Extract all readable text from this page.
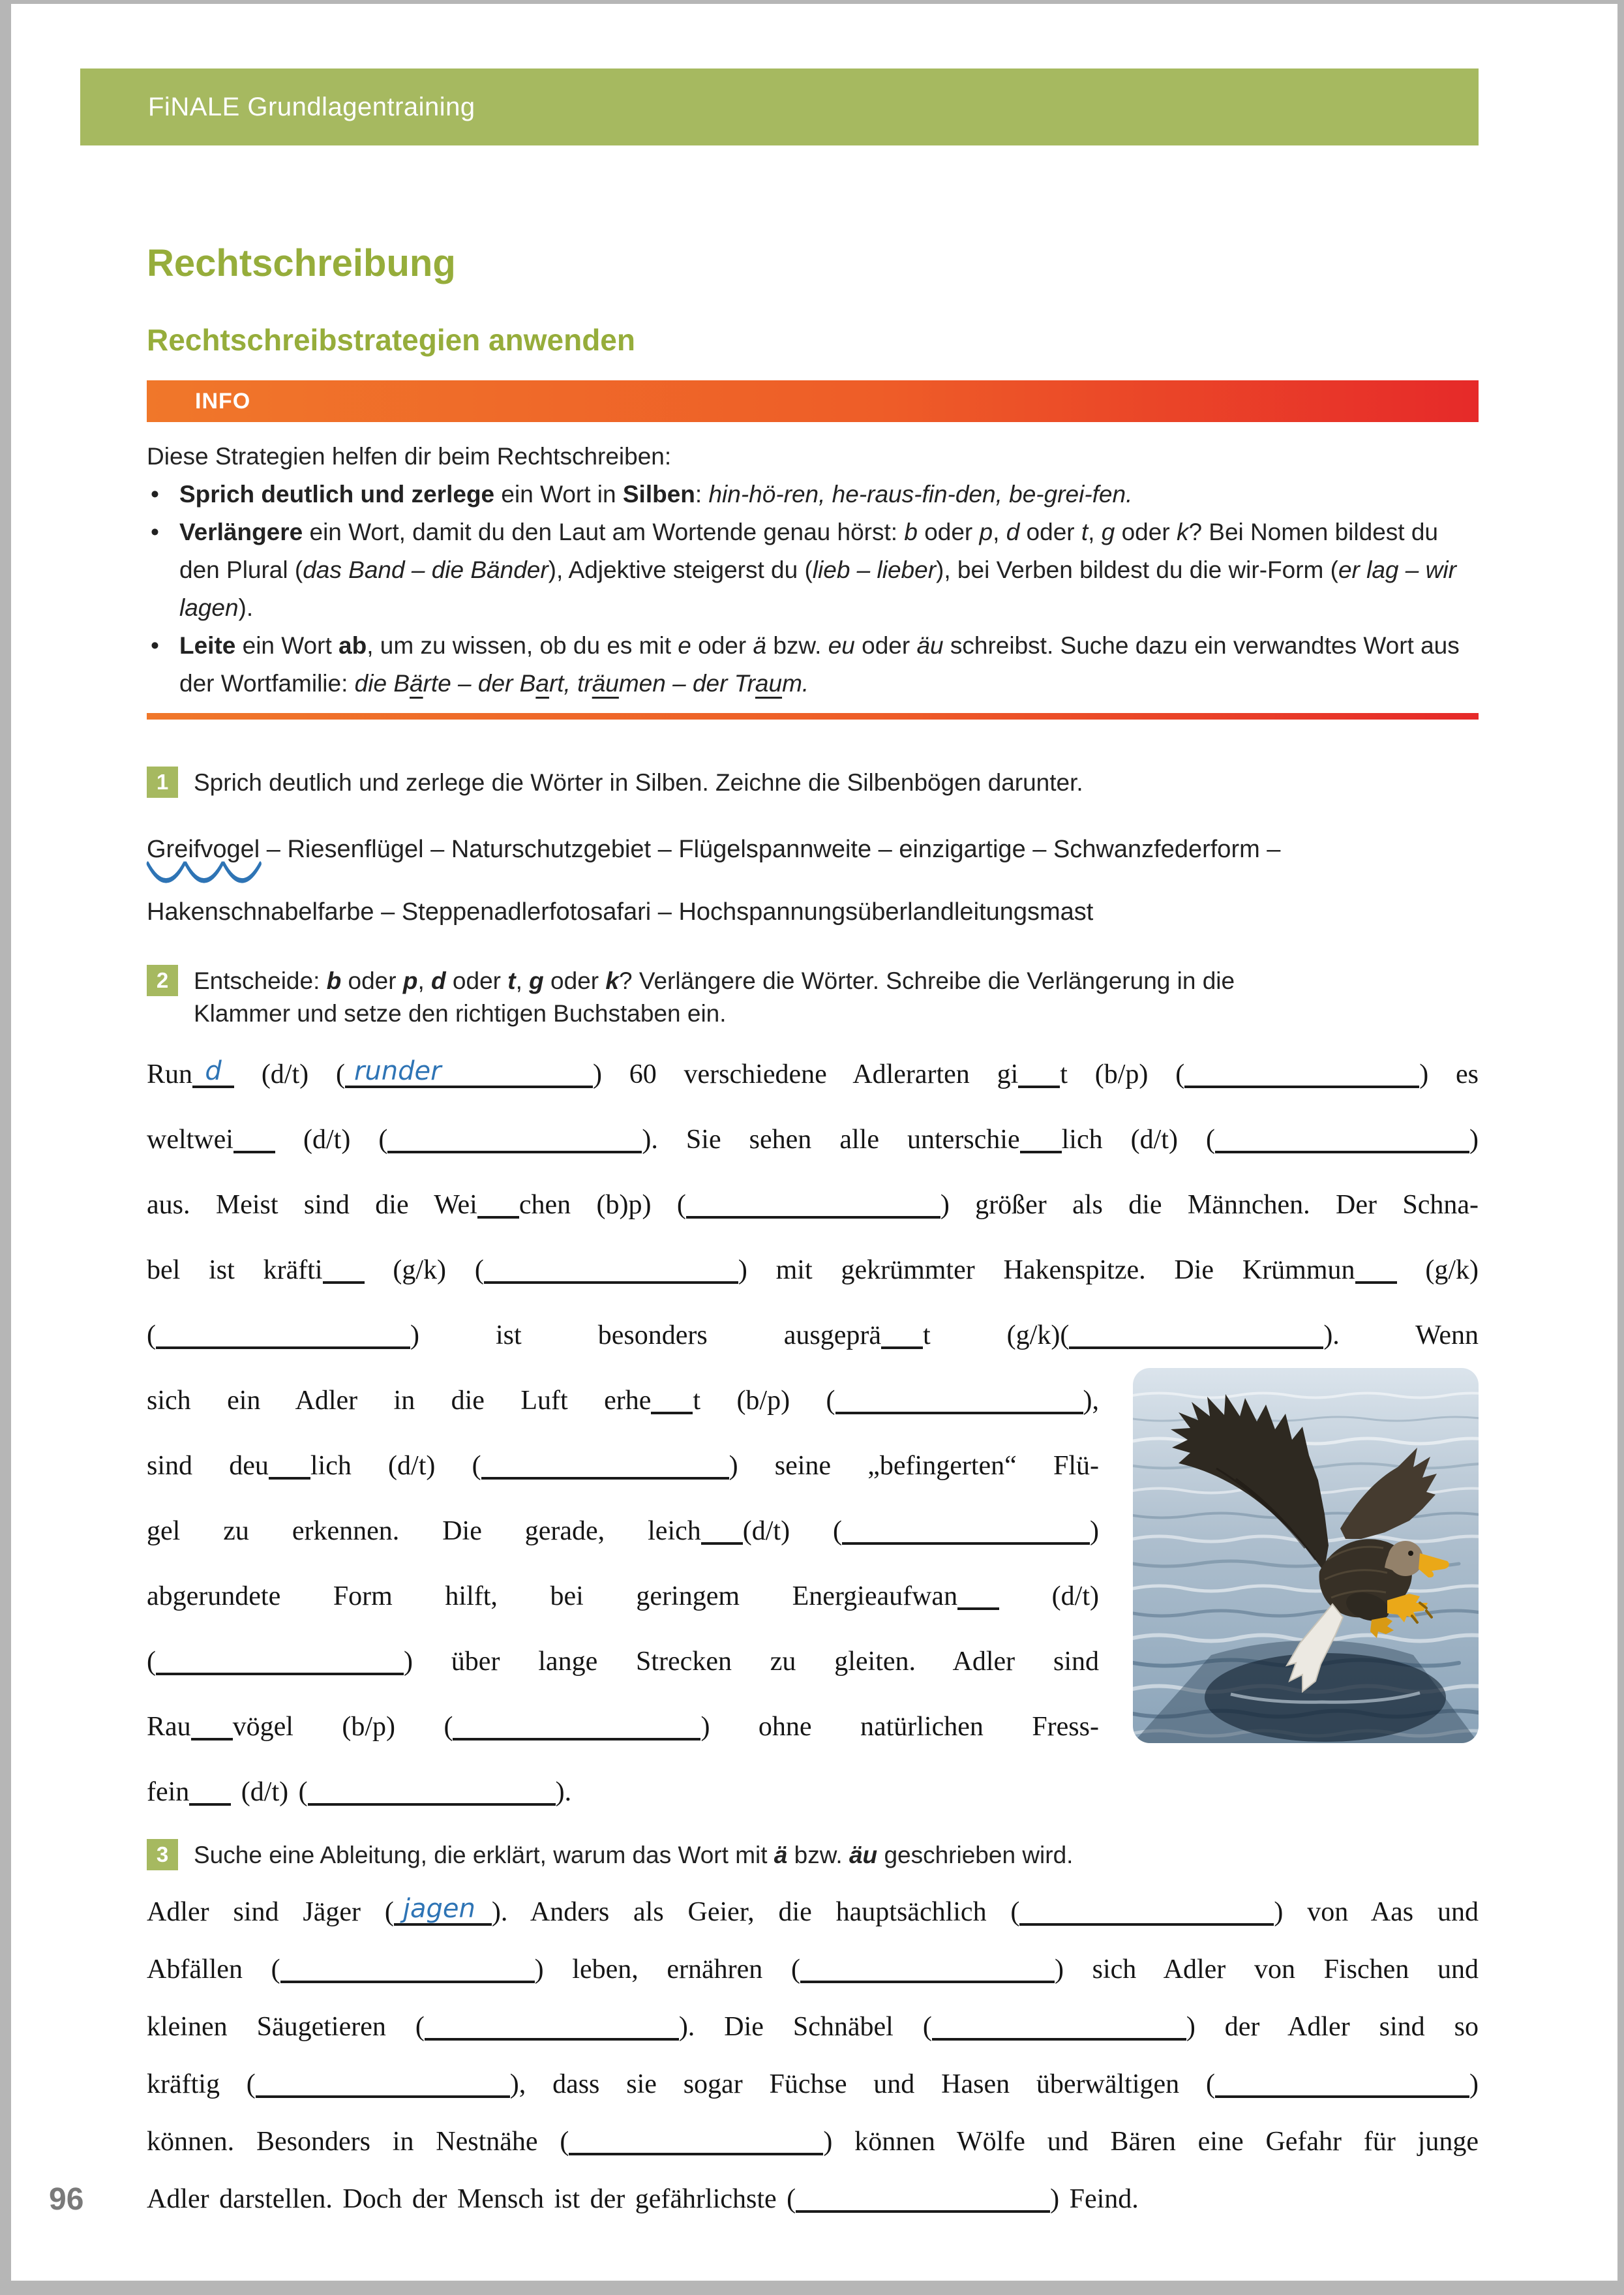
FiNALE Grundlagentraining
Rechtschreibung
Rechtschreibstrategien anwenden
INFO
Diese Strategien helfen dir beim Rechtschreiben:
• Sprich deutlich und zerlege ein Wort in Silben: hin-hö-ren, he-raus-fin-den, be-grei-fen.
• Verlängere ein Wort, damit du den Laut am Wortende genau hörst: b oder p, d oder t, g oder k? Bei Nomen bildest du den Plural (das Band – die Bänder), Adjektive steigerst du (lieb – lieber), bei Verben bildest du die wir-Form (er lag – wir lagen).
• Leite ein Wort ab, um zu wissen, ob du es mit e oder ä bzw. eu oder äu schreibst. Suche dazu ein verwandtes Wort aus der Wortfamilie: die Bärte – der Bart, träumen – der Traum.
1	Sprich deutlich und zerlege die Wörter in Silben. Zeichne die Silbenbögen darunter.
Greifvogel
– Riesenflügel – Naturschutzgebiet – Flügelspannweite – einzigartige – Schwanzfederform –
Hakenschnabelfarbe – Steppenadlerfotosafari – Hochspannungsüberlandleitungsmast
2	Entscheide: b oder p, d oder t, g oder k? Verlängere die Wörter. Schreibe die Verlängerung in die
Klammer und setze den richtigen Buchstaben ein.
Run d (d/t) ( runder	) 60 verschiedene Adlerarten gi t (b/p) (	) es
weltwei (d/t) (	). Sie sehen alle unterschie lich (d/t) (	)
aus. Meist sind die Wei chen (b)p) (	) größer als die Männchen. Der Schna-
bel ist kräfti (g/k) (	) mit gekrümmter Hakenspitze. Die Krümmun (g/k)
(	) ist besonders ausgeprä t (g/k)(	). Wenn
sich ein Adler in die Luft erhe t (b/p) (	),
sind deu lich (d/t) (	) seine „befingerten“ Flü-
gel zu erkennen. Die gerade, leich (d/t) (	)
abgerundete Form hilft, bei geringem Energieaufwan (d/t)
(	) über lange Strecken zu gleiten. Adler sind
Rau vögel (b/p) (	) ohne natürlichen Fress-
fein (d/t) (	).
3	Suche eine Ableitung, die erklärt, warum das Wort mit ä bzw. äu geschrieben wird.
Adler sind Jäger ( jagen ). Anders als Geier, die hauptsächlich (	) von Aas und
Abfällen (	) leben, ernähren (	) sich Adler von Fischen und
kleinen Säugetieren (	). Die Schnäbel (	) der Adler sind so
kräftig (	), dass sie sogar Füchse und Hasen überwältigen (	)
können. Besonders in Nestnähe (	) können Wölfe und Bären eine Gefahr für junge
Adler darstellen. Doch der Mensch ist der gefährlichste (	) Feind.
96
